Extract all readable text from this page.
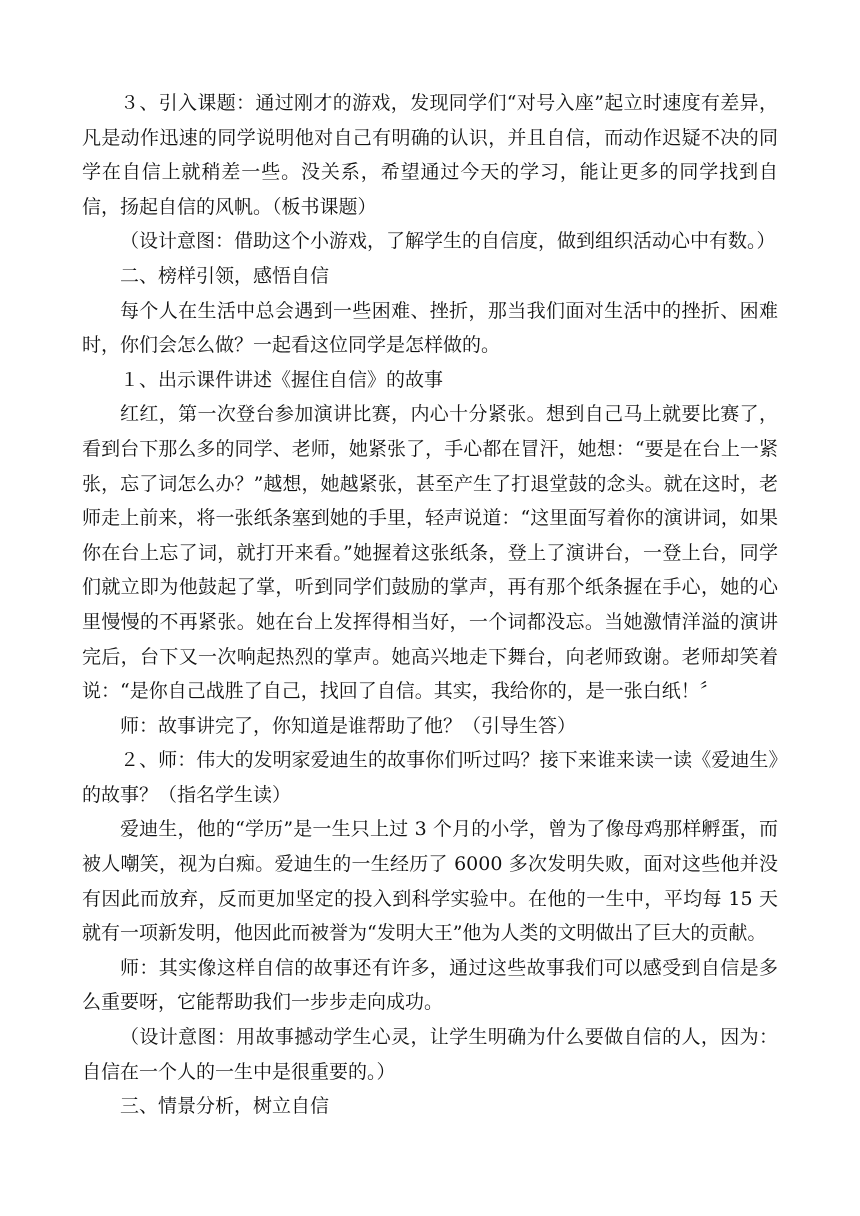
３、引入课题：通过刚才的游戏，发现同学们“对号入座”起立时速度有差异，凡是动作迅速的同学说明他对自己有明确的认识，并且自信，而动作迟疑不决的同学在自信上就稍差一些。没关系，希望通过今天的学习，能让更多的同学找到自信，扬起自信的风帆。（板书课题）

（设计意图：借助这个小游戏，了解学生的自信度，做到组织活动心中有数。）

二、榜样引领，感悟自信

每个人在生活中总会遇到一些困难、挫折，那当我们面对生活中的挫折、困难时，你们会怎么做？一起看这位同学是怎样做的。

１、出示课件讲述《握住自信》的故事

红红，第一次登台参加演讲比赛，内心十分紧张。想到自己马上就要比赛了，看到台下那么多的同学、老师，她紧张了，手心都在冒汗，她想：“要是在台上一紧张，忘了词怎么办？”越想，她越紧张，甚至产生了打退堂鼓的念头。就在这时，老师走上前来，将一张纸条塞到她的手里，轻声说道：“这里面写着你的演讲词，如果你在台上忘了词，就打开来看。”她握着这张纸条，登上了演讲台，一登上台，同学们就立即为他鼓起了掌，听到同学们鼓励的掌声，再有那个纸条握在手心，她的心里慢慢的不再紧张。她在台上发挥得相当好，一个词都没忘。当她激情洋溢的演讲完后，台下又一次响起热烈的掌声。她高兴地走下舞台，向老师致谢。老师却笑着说：“是你自己战胜了自己，找回了自信。其实，我给你的，是一张白纸！〞

师：故事讲完了，你知道是谁帮助了他？（引导生答）

２、师：伟大的发明家爱迪生的故事你们听过吗？接下来谁来读一读《爱迪生》的故事？（指名学生读）

爱迪生，他的“学历”是一生只上过 3 个月的小学，曾为了像母鸡那样孵蛋，而被人嘲笑，视为白痴。爱迪生的一生经历了 6000 多次发明失败，面对这些他并没有因此而放弃，反而更加坚定的投入到科学实验中。在他的一生中，平均每 15 天就有一项新发明，他因此而被誉为“发明大王”他为人类的文明做出了巨大的贡献。

师：其实像这样自信的故事还有许多，通过这些故事我们可以感受到自信是多么重要呀，它能帮助我们一步步走向成功。

（设计意图：用故事撼动学生心灵，让学生明确为什么要做自信的人，因为：自信在一个人的一生中是很重要的。）

三、情景分析，树立自信
